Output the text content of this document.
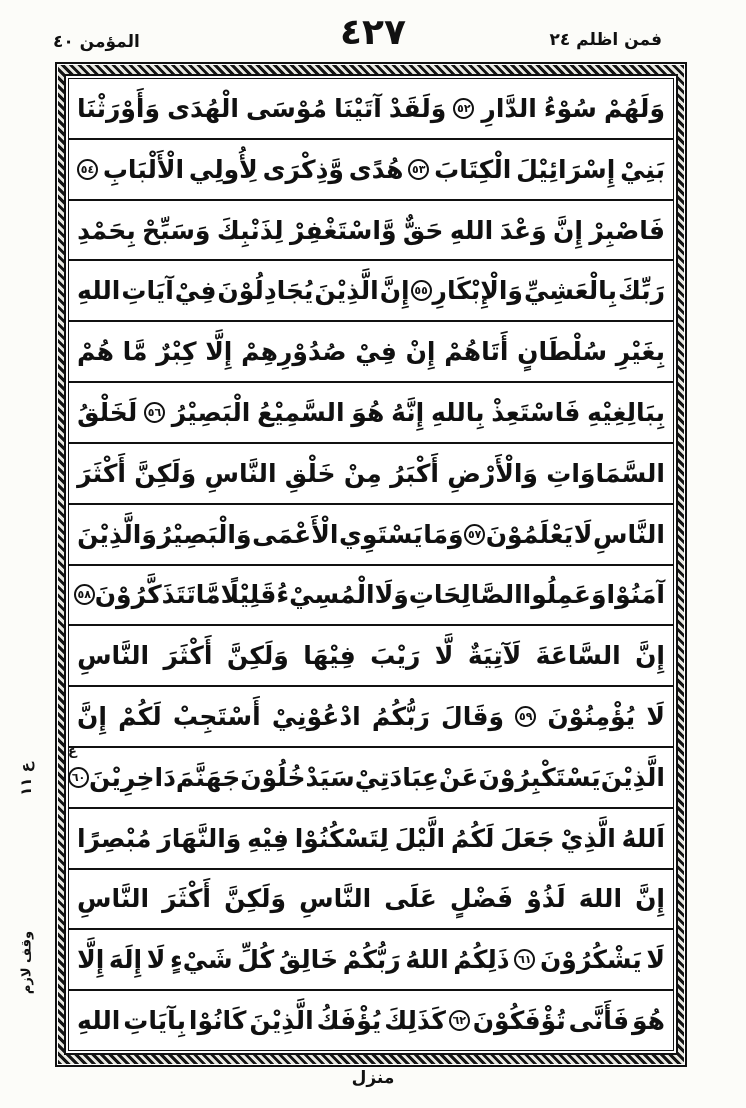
فمن اظلم ٢٤
٤٢٧
المؤمن ٤٠
وَلَهُمْ
سُوْءُ
الدَّارِ
٥٢
وَلَقَدْ
آتَيْنَا
مُوْسَى
الْهُدَى
وَأَوْرَثْنَا
بَنِيْ
إِسْرَائِيْلَ
الْكِتَابَ
٥٣
هُدًى
وَّذِكْرَى
لِأُولِي
الْأَلْبَابِ
٥٤
فَاصْبِرْ
إِنَّ
وَعْدَ
اللهِ
حَقٌّ
وَّاسْتَغْفِرْ
لِذَنْبِكَ
وَسَبِّحْ
بِحَمْدِ
رَبِّكَ
بِالْعَشِيِّ
وَالْإِبْكَارِ
٥٥
إِنَّ
الَّذِيْنَ
يُجَادِلُوْنَ
فِيْ
آيَاتِ
اللهِ
بِغَيْرِ
سُلْطَانٍ
أَتَاهُمْ
إِنْ
فِيْ
صُدُوْرِهِمْ
إِلَّا
كِبْرٌ
مَّا
هُمْ
بِبَالِغِيْهِ
فَاسْتَعِذْ
بِاللهِ
إِنَّهُ
هُوَ
السَّمِيْعُ
الْبَصِيْرُ
٥٦
لَخَلْقُ
السَّمَاوَاتِ
وَالْأَرْضِ
أَكْبَرُ
مِنْ
خَلْقِ
النَّاسِ
وَلَكِنَّ
أَكْثَرَ
النَّاسِ
لَا
يَعْلَمُوْنَ
٥٧
وَمَا
يَسْتَوِي
الْأَعْمَى
وَالْبَصِيْرُ
وَالَّذِيْنَ
آمَنُوْا
وَعَمِلُوا
الصَّالِحَاتِ
وَلَا
الْمُسِيْءُ
قَلِيْلًا
مَّا
تَتَذَكَّرُوْنَ
٥٨
إِنَّ
السَّاعَةَ
لَآتِيَةٌ
لَّا
رَيْبَ
فِيْهَا
وَلَكِنَّ
أَكْثَرَ
النَّاسِ
لَا
يُؤْمِنُوْنَ
٥٩
وَقَالَ
رَبُّكُمُ
ادْعُوْنِيْ
أَسْتَجِبْ
لَكُمْ
إِنَّ
الَّذِيْنَ
يَسْتَكْبِرُوْنَ
عَنْ
عِبَادَتِيْ
سَيَدْخُلُوْنَ
جَهَنَّمَ
دَاخِرِيْنَ
٦٠
اَللهُ
الَّذِيْ
جَعَلَ
لَكُمُ
الَّيْلَ
لِتَسْكُنُوْا
فِيْهِ
وَالنَّهَارَ
مُبْصِرًا
إِنَّ
اللهَ
لَذُوْ
فَضْلٍ
عَلَى
النَّاسِ
وَلَكِنَّ
أَكْثَرَ
النَّاسِ
لَا
يَشْكُرُوْنَ
٦١
ذَلِكُمُ
اللهُ
رَبُّكُمْ
خَالِقُ
كُلِّ
شَيْءٍ
لَا
إِلَهَ
إِلَّا
هُوَ
فَأَنَّى
تُؤْفَكُوْنَ
٦٢
كَذَلِكَ
يُؤْفَكُ
الَّذِيْنَ
كَانُوْا
بِآيَاتِ
اللهِ
ع
ع ١١
وقف لازم
منزل
